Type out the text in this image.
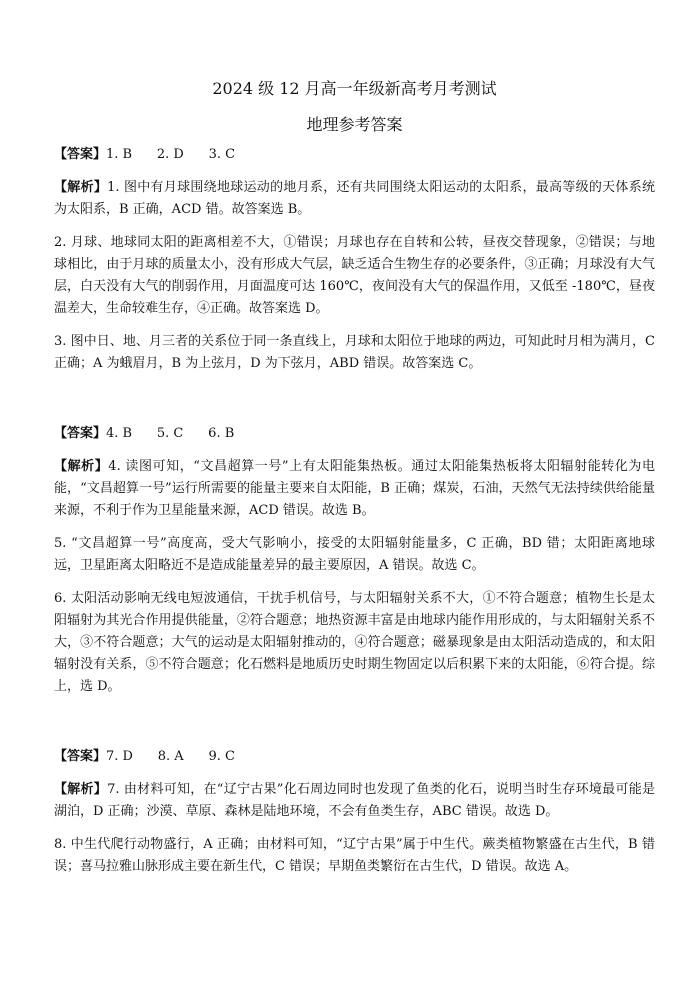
2024 级 12 月高一年级新高考月考测试
地理参考答案

【答案】1. B      2. D      3. C

【解析】1. 图中有月球围绕地球运动的地月系，还有共同围绕太阳运动的太阳系，最高等级的天体系统为太阳系，B 正确，ACD 错。故答案选 B。

2. 月球、地球同太阳的距离相差不大，①错误；月球也存在自转和公转，昼夜交替现象，②错误；与地球相比，由于月球的质量太小，没有形成大气层，缺乏适合生物生存的必要条件，③正确；月球没有大气层，白天没有大气的削弱作用，月面温度可达 160℃，夜间没有大气的保温作用，又低至 -180℃，昼夜温差大，生命较难生存，④正确。故答案选 D。

3. 图中日、地、月三者的关系位于同一条直线上，月球和太阳位于地球的两边，可知此时月相为满月，C 正确；A 为蛾眉月，B 为上弦月，D 为下弦月，ABD 错误。故答案选 C。

【答案】4. B      5. C      6. B

【解析】4. 读图可知，“文昌超算一号”上有太阳能集热板。通过太阳能集热板将太阳辐射能转化为电能，“文昌超算一号”运行所需要的能量主要来自太阳能，B 正确；煤炭，石油，天然气无法持续供给能量来源，不利于作为卫星能量来源，ACD 错误。故选 B。

5. “文昌超算一号”高度高，受大气影响小，接受的太阳辐射能量多，C 正确，BD 错；太阳距离地球远，卫星距离太阳略近不是造成能量差异的最主要原因，A 错误。故选 C。

6. 太阳活动影响无线电短波通信，干扰手机信号，与太阳辐射关系不大，①不符合题意；植物生长是太阳辐射为其光合作用提供能量，②符合题意；地热资源丰富是由地球内能作用形成的，与太阳辐射关系不大，③不符合题意；大气的运动是太阳辐射推动的，④符合题意；磁暴现象是由太阳活动造成的，和太阳辐射没有关系，⑤不符合题意；化石燃料是地质历史时期生物固定以后积累下来的太阳能，⑥符合提。综上，选 D。

【答案】7. D      8. A      9. C

【解析】7. 由材料可知，在“辽宁古果”化石周边同时也发现了鱼类的化石，说明当时生存环境最可能是湖泊，D 正确；沙漠、草原、森林是陆地环境，不会有鱼类生存，ABC 错误。故选 D。

8. 中生代爬行动物盛行，A 正确；由材料可知，“辽宁古果”属于中生代。蕨类植物繁盛在古生代，B 错误；喜马拉雅山脉形成主要在新生代，C 错误；早期鱼类繁衍在古生代，D 错误。故选 A。
